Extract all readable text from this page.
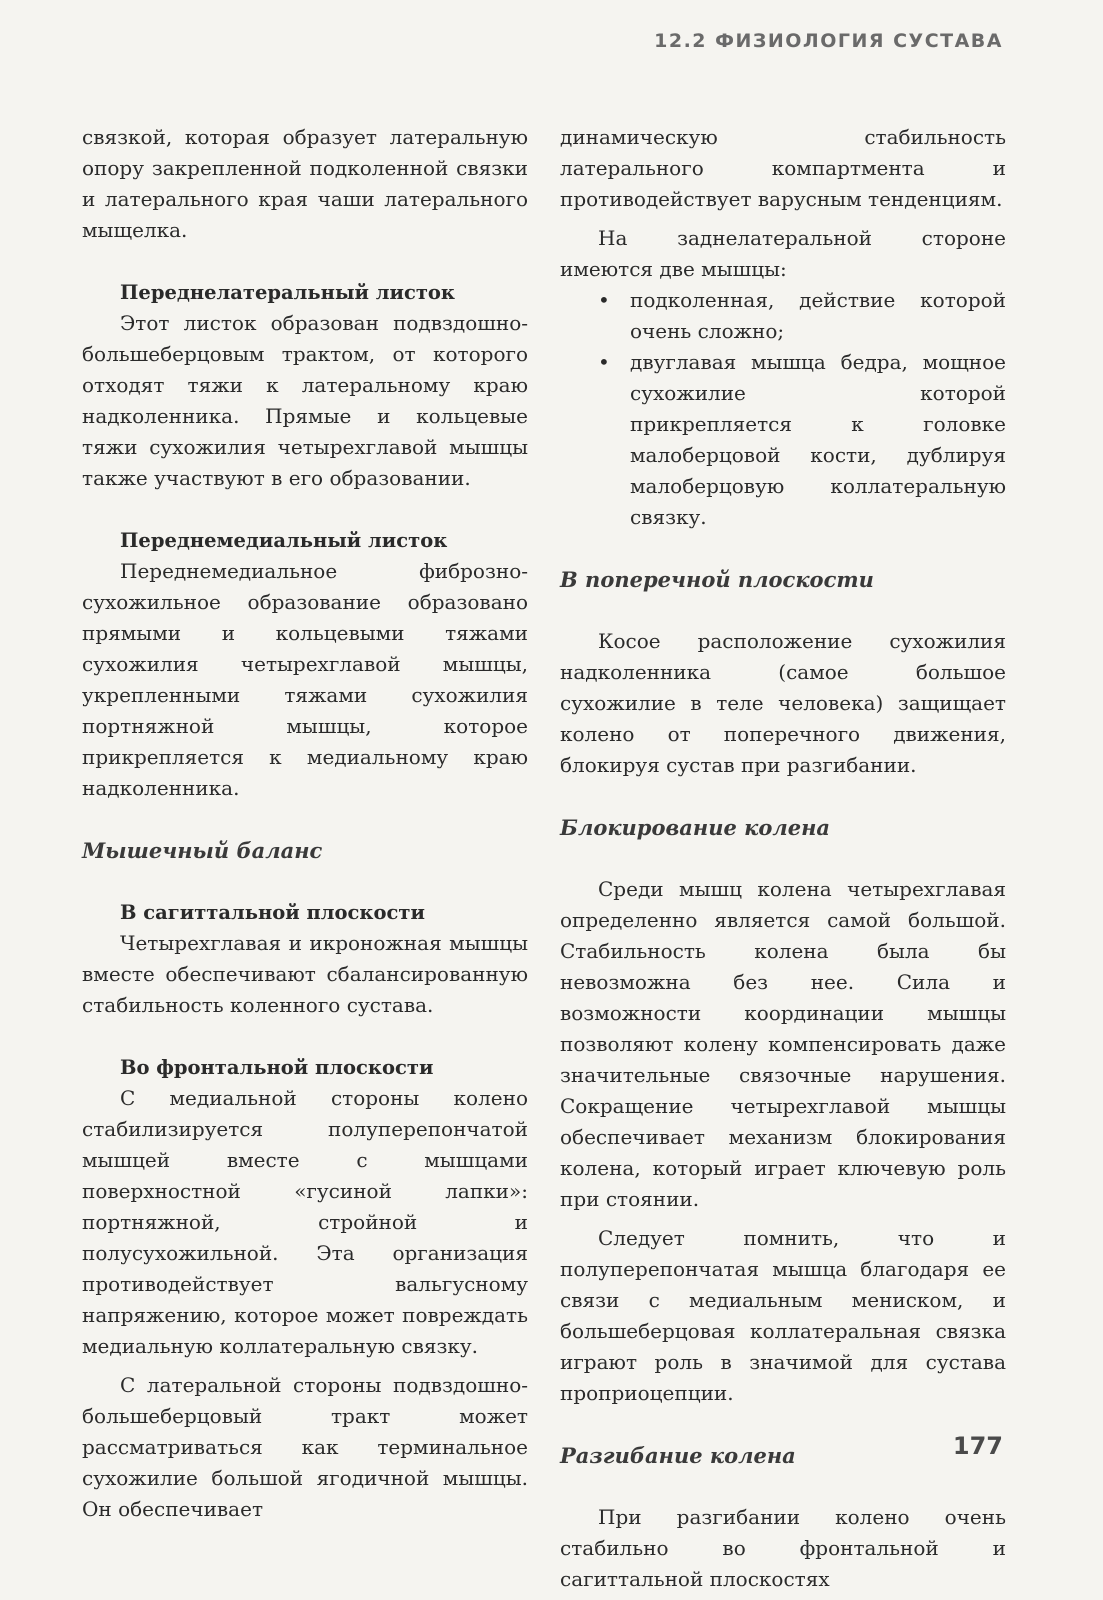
12.2 ФИЗИОЛОГИЯ СУСТАВА

связкой, которая образует латеральную опору закрепленной подколенной связки и латерального края чаши латерального мыщелка.

Переднелатеральный листок

Этот листок образован подвздошно-большеберцовым трактом, от которого отходят тяжи к латеральному краю надколенника. Прямые и кольцевые тяжи сухожилия четырехглавой мышцы также участвуют в его образовании.

Переднемедиальный листок

Переднемедиальное фиброзно-сухожильное образование образовано прямыми и кольцевыми тяжами сухожилия четырехглавой мышцы, укрепленными тяжами сухожилия портняжной мышцы, которое прикрепляется к медиальному краю надколенника.

Мышечный баланс
В сагиттальной плоскости

Четырехглавая и икроножная мышцы вместе обеспечивают сбалансированную стабильность коленного сустава.

Во фронтальной плоскости

С медиальной стороны колено стабилизируется полуперепончатой мышцей вместе с мышцами поверхностной «гусиной лапки»: портняжной, стройной и полусухожильной. Эта организация противодействует вальгусному напряжению, которое может повреждать медиальную коллатеральную связку.

С латеральной стороны подвздошно-большеберцовый тракт может рассматриваться как терминальное сухожилие большой ягодичной мышцы. Он обеспечивает

динамическую стабильность латерального компартмента и противодействует варусным тенденциям.

На заднелатеральной стороне имеются две мышцы:

• подколенная, действие которой очень сложно;
• двуглавая мышца бедра, мощное сухожилие которой прикрепляется к головке малоберцовой кости, дублируя малоберцовую коллатеральную связку.
В поперечной плоскости

Косое расположение сухожилия надколенника (самое большое сухожилие в теле человека) защищает колено от поперечного движения, блокируя сустав при разгибании.

Блокирование колена

Среди мышц колена четырехглавая определенно является самой большой. Стабильность колена была бы невозможна без нее. Сила и возможности координации мышцы позволяют колену компенсировать даже значительные связочные нарушения. Сокращение четырехглавой мышцы обеспечивает механизм блокирования колена, который играет ключевую роль при стоянии.

Следует помнить, что и полуперепончатая мышца благодаря ее связи с медиальным мениском, и большеберцовая коллатеральная связка играют роль в значимой для сустава проприоцепции.

Разгибание колена

При разгибании колено очень стабильно во фронтальной и сагиттальной плоскостях

177
